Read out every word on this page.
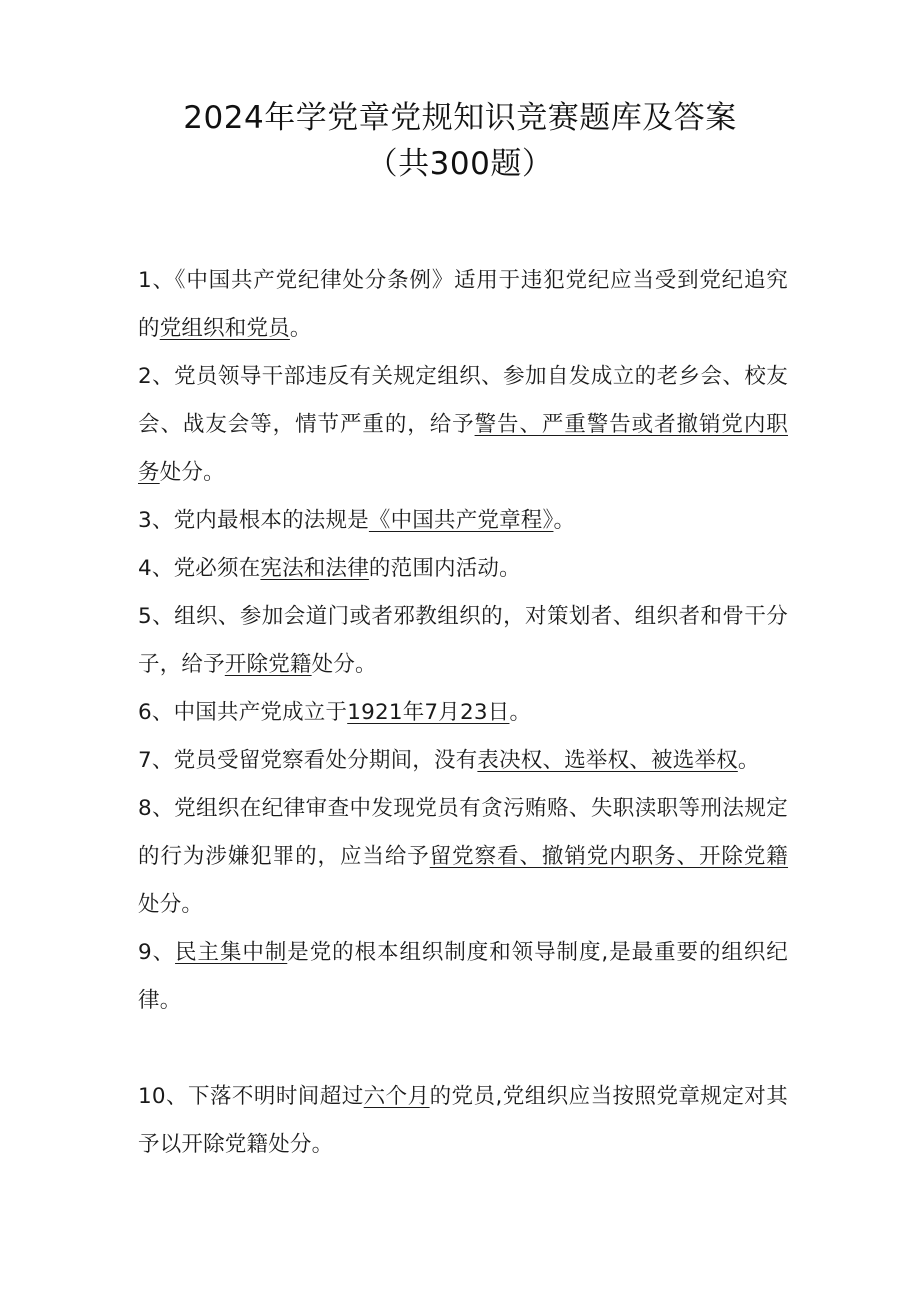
2024年学党章党规知识竞赛题库及答案
（共300题）

1、《中国共产党纪律处分条例》适用于违犯党纪应当受到党纪追究的党组织和党员。

2、党员领导干部违反有关规定组织、参加自发成立的老乡会、校友会、战友会等，情节严重的，给予警告、严重警告或者撤销党内职务处分。

3、党内最根本的法规是《中国共产党章程》。

4、党必须在宪法和法律的范围内活动。

5、组织、参加会道门或者邪教组织的，对策划者、组织者和骨干分子，给予开除党籍处分。

6、中国共产党成立于1921年7月23日。

7、党员受留党察看处分期间，没有表决权、选举权、被选举权。

8、党组织在纪律审查中发现党员有贪污贿赂、失职渎职等刑法规定的行为涉嫌犯罪的，应当给予留党察看、撤销党内职务、开除党籍处分。

9、民主集中制是党的根本组织制度和领导制度,是最重要的组织纪律。

10、下落不明时间超过六个月的党员,党组织应当按照党章规定对其予以开除党籍处分。
